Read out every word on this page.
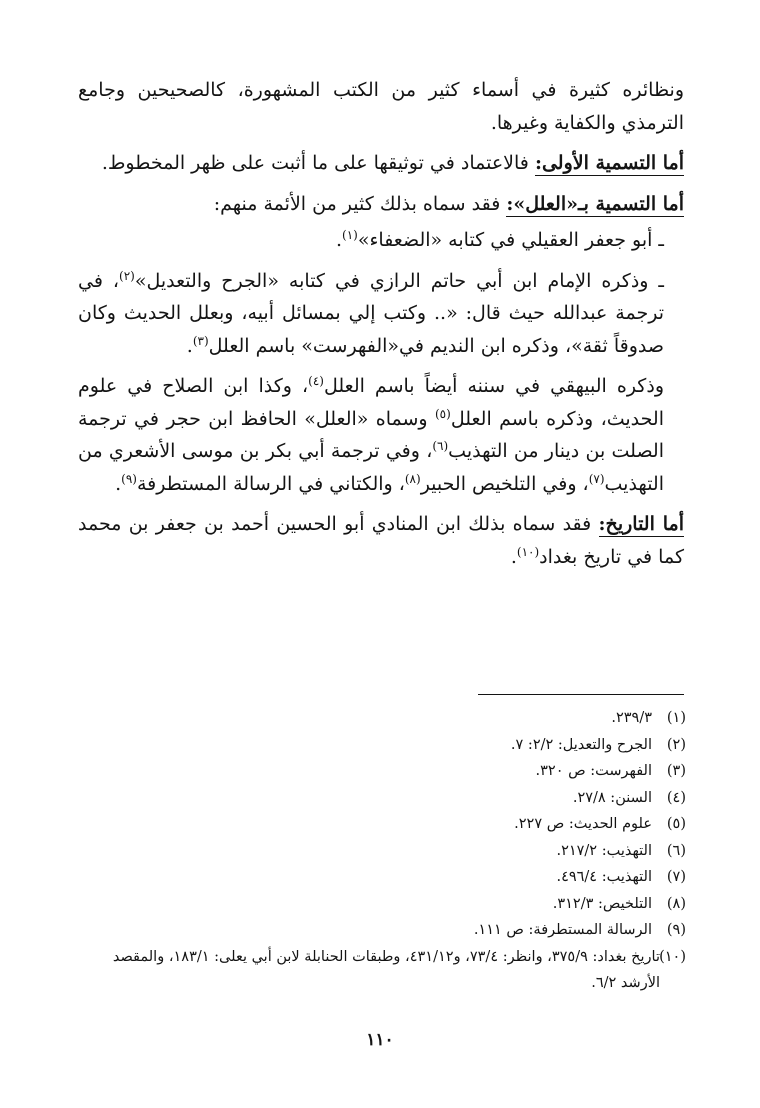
ونظائره كثيرة في أسماء كثير من الكتب المشهورة، كالصحيحين وجامع الترمذي والكفاية وغيرها.

أما التسمية الأولى: فالاعتماد في توثيقها على ما أثبت على ظهر المخطوط.

أما التسمية بـ«العلل»: فقد سماه بذلك كثير من الأئمة منهم:

ـ أبو جعفر العقيلي في كتابه «الضعفاء»$^{(١)}$.

ـ وذكره الإمام ابن أبي حاتم الرازي في كتابه «الجرح والتعديل»$^{(٢)}$، في ترجمة عبدالله حيث قال: «.. وكتب إلي بمسائل أبيه، وبعلل الحديث وكان صدوقاً ثقة»، وذكره ابن النديم في«الفهرست» باسم العلل$^{(٣)}$.

وذكره البيهقي في سننه أيضاً باسم العلل$^{(٤)}$، وكذا ابن الصلاح في علوم الحديث، وذكره باسم العلل$^{(٥)}$ وسماه «العلل» الحافظ ابن حجر في ترجمة الصلت بن دينار من التهذيب$^{(٦)}$، وفي ترجمة أبي بكر بن موسى الأشعري من التهذيب$^{(٧)}$، وفي التلخيص الحبير$^{(٨)}$، والكتاني في الرسالة المستطرفة$^{(٩)}$.

أما التاريخ: فقد سماه بذلك ابن المنادي أبو الحسين أحمد بن جعفر بن محمد كما في تاريخ بغداد$^{(١٠)}$.

(١)
٢٣٩/٣.
(٢)
الجرح والتعديل: ٢/٢: ٧.
(٣)
الفهرست: ص ٣٢٠.
(٤)
السنن: ٢٧/٨.
(٥)
علوم الحديث: ص ٢٢٧.
(٦)
التهذيب: ٢١٧/٢.
(٧)
التهذيب: ٤٩٦/٤.
(٨)
التلخيص: ٣١٢/٣.
(٩)
الرسالة المستطرفة: ص ١١١.
(١٠)
تاريخ بغداد: ٣٧٥/٩، وانظر: ٧٣/٤، و٤٣١/١٢، وطبقات الحنابلة لابن أبي يعلى: ١٨٣/١، والمقصد الأرشد ٦/٢.
١١٠
